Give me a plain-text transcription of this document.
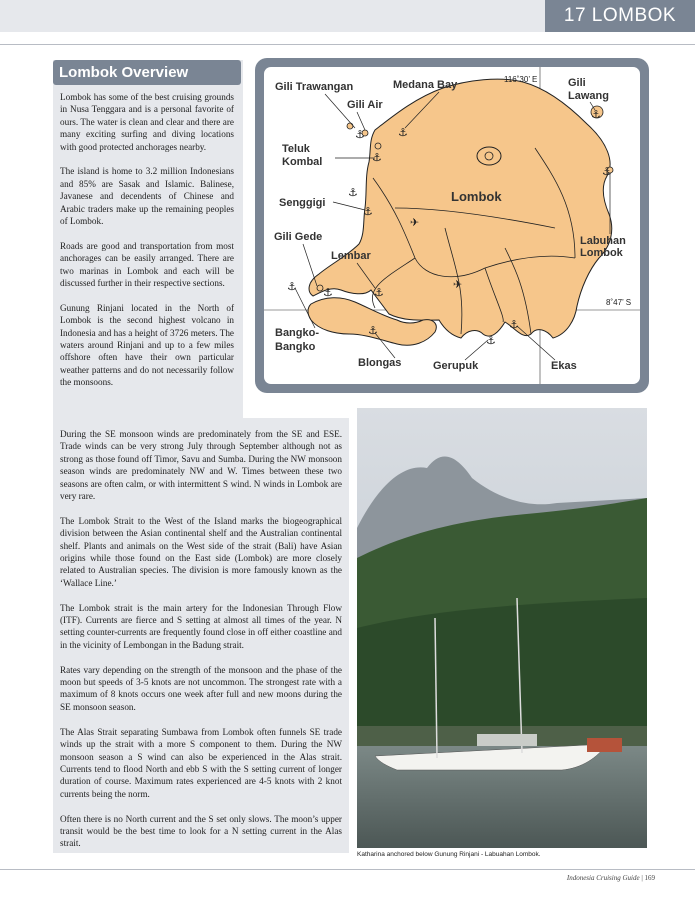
17 LOMBOK
Lombok Overview

Lombok has some of the best cruising grounds in Nusa Tenggara and is a personal favorite of ours. The water is clean and clear and there are many exciting surfing and diving locations with good protected anchorages nearby.

The island is home to 3.2 million Indonesians and 85% are Sasak and Islamic. Balinese, Javanese and decendents of Chinese and Arabic traders make up the remaining peoples of Lombok.

Roads are good and transportation from most anchorages can be easily arranged. There are two marinas in Lombok and each will be discussed further in their respective sections.

Gunung Rinjani located in the North of Lombok is the second highest volcano in Indonesia and has a height of 3726 meters. The waters around Rinjani and up to a few miles offshore often have their own particular weather patterns and do not necessarily follow the monsoons.

During the SE monsoon winds are predominately from the SE and ESE. Trade winds can be very strong July through September although not as strong as those found off Timor, Savu and Sumba. During the NW monsoon season winds are predominately NW and W. Times between these two seasons are often calm, or with intermittent S wind. N winds in Lombok are very rare.

The Lombok Strait to the West of the Island marks the biogeographical division between the Asian continental shelf and the Australian continental shelf. Plants and animals on the West side of the strait (Bali) have Asian origins while those found on the East side (Lombok) are more closely related to Australian species. The division is more famously known as the ‘Wallace Line.’

The Lombok strait is the main artery for the Indonesian Through Flow (ITF). Currents are fierce and S setting at almost all times of the year. N setting counter-currents are frequently found close in off either coastline and in the vicinity of Lembongan in the Badung strait.

Rates vary depending on the strength of the monsoon and the phase of the moon but speeds of 3-5 knots are not uncommon. The strongest rate with a maximum of 8 knots occurs one week after full and new moons during the SE monsoon season.

The Alas Strait separating Sumbawa from Lombok often funnels SE trade winds up the strait with a more S component to them. During the NW monsoon season a S wind can also be experienced in the Alas strait. Currents tend to flood North and ebb S with the S setting current of longer duration of course. Maximum rates experienced are 4-5 knots with 2 knot currents being the norm.

Often there is no North current and the S set only slows. The moon’s upper transit would be the best time to look for a N setting current in the Alas strait.

⚓	⚓
⚓
⚓
⚓
⚓
⚓
⚓ ⚓	⚓
⚓
⚓
⚓
✈
✈
Gili Trawangan	Medana Bay
Gili Air
Gili
Lawang
116˚30’ E
Teluk
Kombal
Senggigi	Lombok
Gili Gede
Lembar
Labuhan
Lombok
8˚47’ S
Bangko-
Bangko
Blongas	Gerupuk	Ekas
Katharina anchored below Gunung Rinjani - Labuahan Lombok.
Indonesia Cruising Guide | 169
